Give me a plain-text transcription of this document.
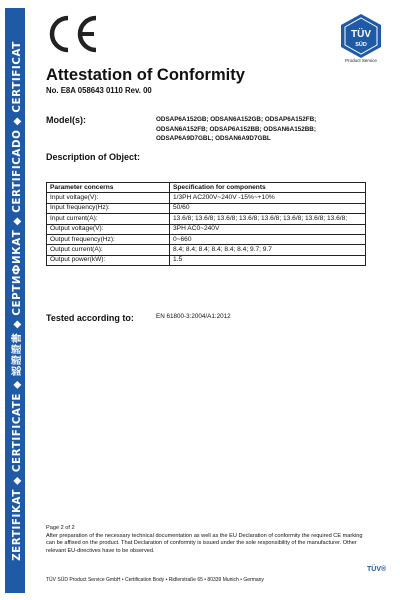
ZERTIFIKAT ◆ CERTIFICATE ◆ 認證證書 ◆ СЕРТИФИКАТ ◆ CERTIFICADO ◆ CERTIFICAT
TÜV
SÜD
Product Service
Attestation of Conformity
No. E8A 058643 0110 Rev. 00
Model(s):	ODSAP6A152GB; ODSAN6A152GB; ODSAP6A152FB; ODSAN6A152FB; ODSAP6A152BB; ODSAN6A152BB; ODSAP6A9D7GBL; ODSAN6A9D7GBL
Description of Object:
Parameter concerns	Specification for components
Input voltage(V):	1/3PH AC200V~240V -15%~+10%
Input frequency(Hz):	50/60
Input current(A):	13.6/8; 13.6/8; 13.6/8; 13.6/8; 13.6/8; 13.6/8; 13.6/8; 13.6/8;
Output voltage(V):	3PH AC0~240V
Output frequency(Hz):	0~660
Output current(A):	8.4; 8.4; 8.4; 8.4; 8.4; 8.4; 9.7; 9.7
Output power(kW):	1.5
Tested according to:	EN 61800-3:2004/A1:2012
Page 2 of 2
After preparation of the necessary technical documentation as well as the EU Declaration of conformity the required CE marking can be affixed on the product. That Declaration of conformity is issued under the sole responsibility of the manufacturer. Other relevant EU-directives have to be observed.
TÜV SÜD Product Service GmbH • Certification Body • Ridlerstraße 65 • 80339 Munich • Germany
TÜV®
